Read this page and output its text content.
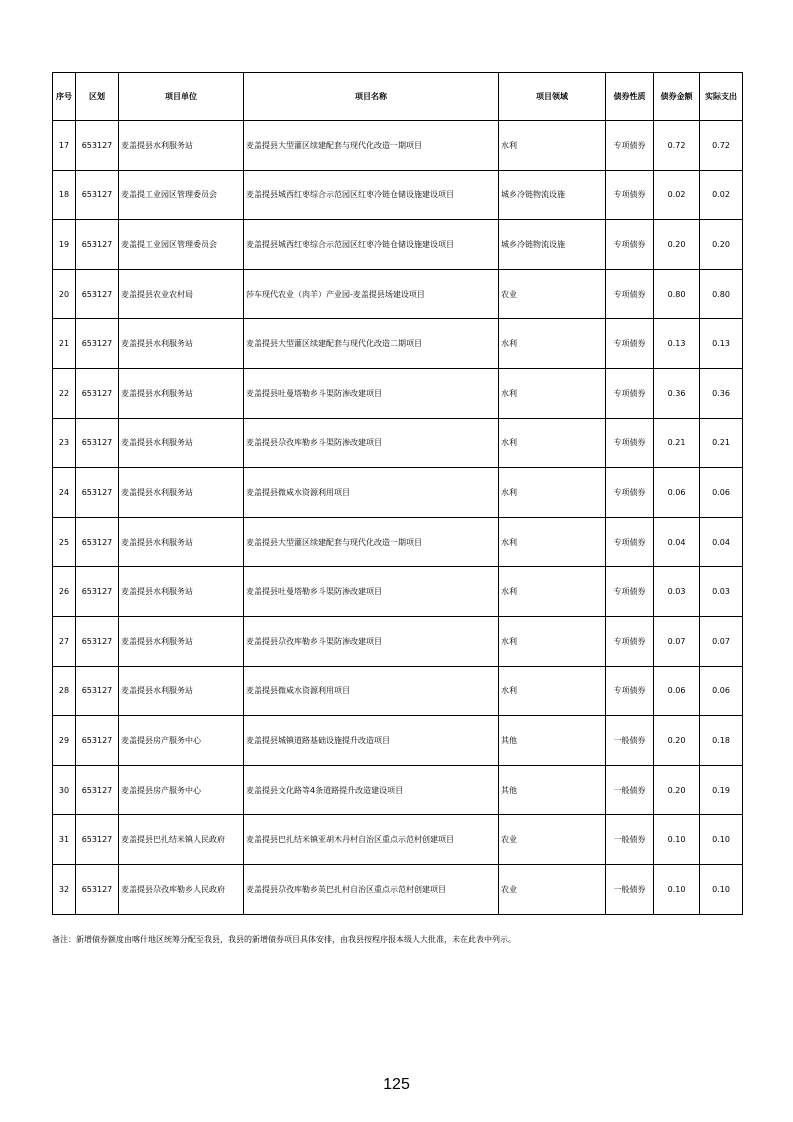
序号	区划	项目单位	项目名称	项目领域	债券性质	债券金额	实际支出
17	653127	麦盖提县水利服务站	麦盖提县大型灌区续建配套与现代化改造一期项目	水利	专项债券	0.72	0.72
18	653127	麦盖提工业园区管理委员会	麦盖提县城西红枣综合示范园区红枣冷链仓储设施建设项目	城乡冷链物流设施	专项债券	0.02	0.02
19	653127	麦盖提工业园区管理委员会	麦盖提县城西红枣综合示范园区红枣冷链仓储设施建设项目	城乡冷链物流设施	专项债券	0.20	0.20
20	653127	麦盖提县农业农村局	莎车现代农业（肉羊）产业园-麦盖提县场建设项目	农业	专项债券	0.80	0.80
21	653127	麦盖提县水利服务站	麦盖提县大型灌区续建配套与现代化改造二期项目	水利	专项债券	0.13	0.13
22	653127	麦盖提县水利服务站	麦盖提县吐曼塔勒乡斗渠防渗改建项目	水利	专项债券	0.36	0.36
23	653127	麦盖提县水利服务站	麦盖提县尕孜库勒乡斗渠防渗改建项目	水利	专项债券	0.21	0.21
24	653127	麦盖提县水利服务站	麦盖提县微咸水资源利用项目	水利	专项债券	0.06	0.06
25	653127	麦盖提县水利服务站	麦盖提县大型灌区续建配套与现代化改造一期项目	水利	专项债券	0.04	0.04
26	653127	麦盖提县水利服务站	麦盖提县吐曼塔勒乡斗渠防渗改建项目	水利	专项债券	0.03	0.03
27	653127	麦盖提县水利服务站	麦盖提县尕孜库勒乡斗渠防渗改建项目	水利	专项债券	0.07	0.07
28	653127	麦盖提县水利服务站	麦盖提县微咸水资源利用项目	水利	专项债券	0.06	0.06
29	653127	麦盖提县房产服务中心	麦盖提县城镇道路基础设施提升改造项目	其他	一般债券	0.20	0.18
30	653127	麦盖提县房产服务中心	麦盖提县文化路等4条道路提升改造建设项目	其他	一般债券	0.20	0.19
31	653127	麦盖提县巴扎结米镇人民政府	麦盖提县巴扎结米镇亚胡木丹村自治区重点示范村创建项目	农业	一般债券	0.10	0.10
32	653127	麦盖提县尕孜库勒乡人民政府	麦盖提县尕孜库勒乡英巴扎村自治区重点示范村创建项目	农业	一般债券	0.10	0.10
备注：新增债券额度由喀什地区统筹分配至我县，我县的新增债券项目具体安排，由我县按程序报本级人大批准，未在此表中列示。
125
